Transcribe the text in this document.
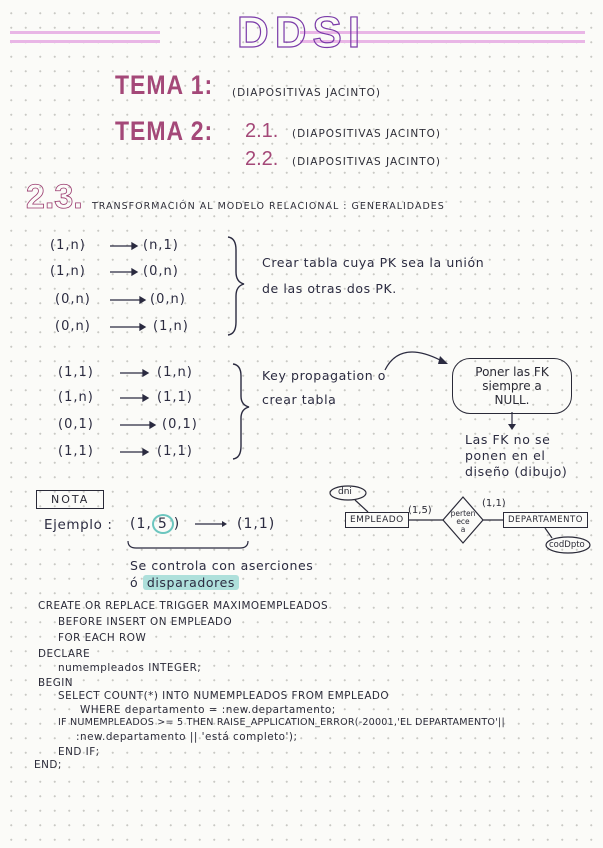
DDSI
TEMA 1: (DIAPOSITIVAS JACINTO)
TEMA 2: 2.1. (DIAPOSITIVAS JACINTO)
2.2. (DIAPOSITIVAS JACINTO)
2.3. TRANSFORMACIÓN AL MODELO RELACIONAL : GENERALIDADES
(1,n)	(n,1)
(1,n)	(0,n)
(0,n)	(0,n)
(0,n)	(1,n)
Crear tabla cuya PK sea la unión
de las otras dos PK.
(1,1)	(1,n)
(1,n)	(1,1)
(0,1)	(0,1)
(1,1)	(1,1)
Key propagation o
crear tabla
Poner las FK siempre a NULL.
Las FK no se
ponen en el
diseño (dibujo)
NOTA
Ejemplo : (1, 5 )	(1,1)
Se controla con aserciones
ó disparadores
dni
EMPLEADO
(1,5)	perten
ece
a
(1,1)
DEPARTAMENTO
codDpto
CREATE OR REPLACE TRIGGER MAXIMOEMPLEADOS
BEFORE INSERT ON EMPLEADO
FOR EACH ROW
DECLARE
numempleados INTEGER;
BEGIN
SELECT COUNT(*) INTO NUMEMPLEADOS FROM EMPLEADO
WHERE departamento = :new.departamento;
IF NUMEMPLEADOS >= 5 THEN RAISE_APPLICATION_ERROR(-20001,'EL DEPARTAMENTO'||
:new.departamento || 'está completo');
END IF;
END;
